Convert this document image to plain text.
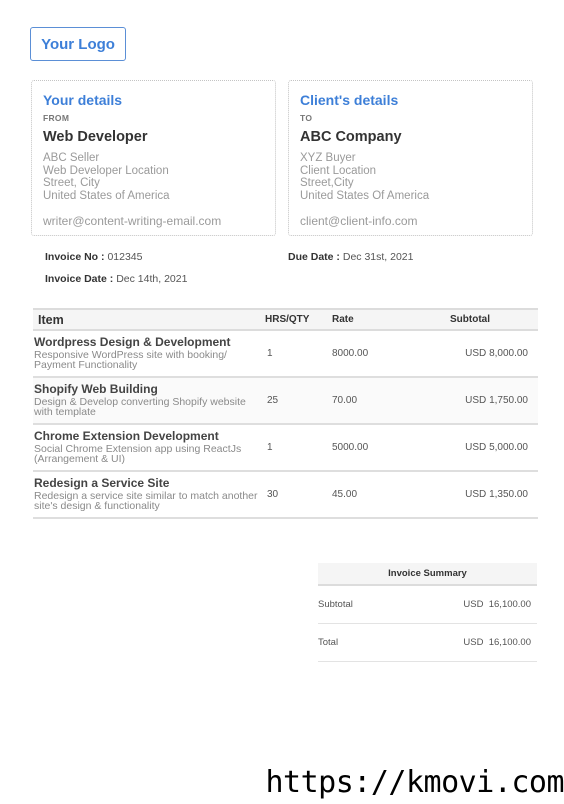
Your Logo
Your details
FROM
Web Developer
ABC Seller
Web Developer Location
Street, City
United States of America
writer@content-writing-email.com
Client's details
TO
ABC Company
XYZ Buyer
Client Location
Street,City
United States Of America
client@client-info.com
Invoice No : 012345
Invoice Date : Dec 14th, 2021
Due Date : Dec 31st, 2021
Item	HRS/QTY	Rate	Subtotal

Wordpress Design & Development
Responsive WordPress site with booking/ Payment Functionality	1	8000.00	USD 8,000.00

Shopify Web Building
Design & Develop converting Shopify website with template	25	70.00	USD 1,750.00

Chrome Extension Development
Social Chrome Extension app using ReactJs (Arrangement & UI)	1	5000.00	USD 5,000.00

Redesign a Service Site
Redesign a service site similar to match another site's design & functionality	30	45.00	USD 1,350.00
Invoice Summary	
Subtotal	USD 16,100.00
Total	USD 16,100.00
https://kmovi.com
